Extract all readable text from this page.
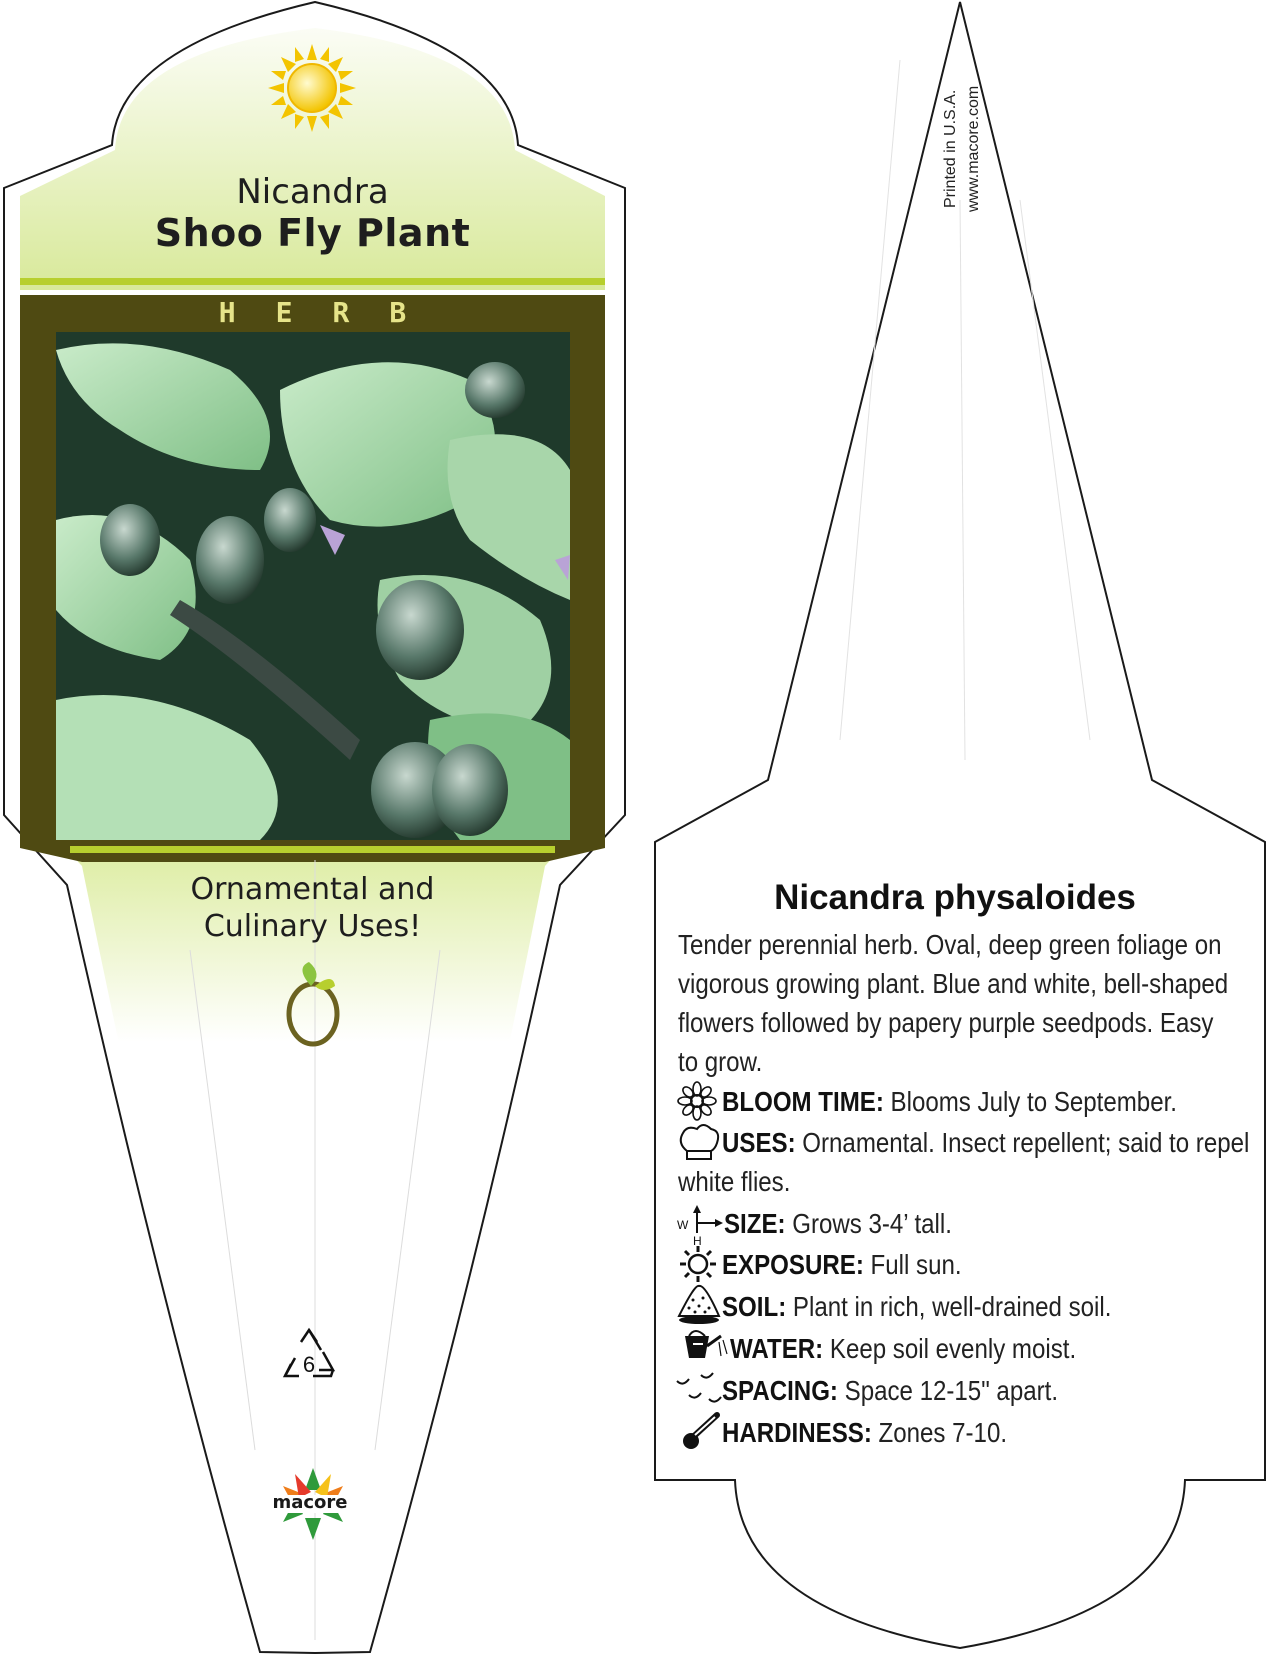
W
H
Nicandra
Shoo Fly Plant
HERB
Ornamental and
Culinary Uses!
6
macore
Printed in U.S.A. www.macore.com
Nicandra physaloides
Tender perennial herb. Oval, deep green foliage on vigorous growing plant. Blue and white, bell-shaped flowers followed by papery purple seedpods. Easy to grow.
BLOOM TIME: Blooms July to September.
USES: Ornamental. Insect repellent; said to repel
white flies.
SIZE: Grows 3-4’ tall.
EXPOSURE: Full sun.
SOIL: Plant in rich, well-drained soil.
WATER: Keep soil evenly moist.
SPACING: Space 12-15" apart.
HARDINESS: Zones 7-10.
